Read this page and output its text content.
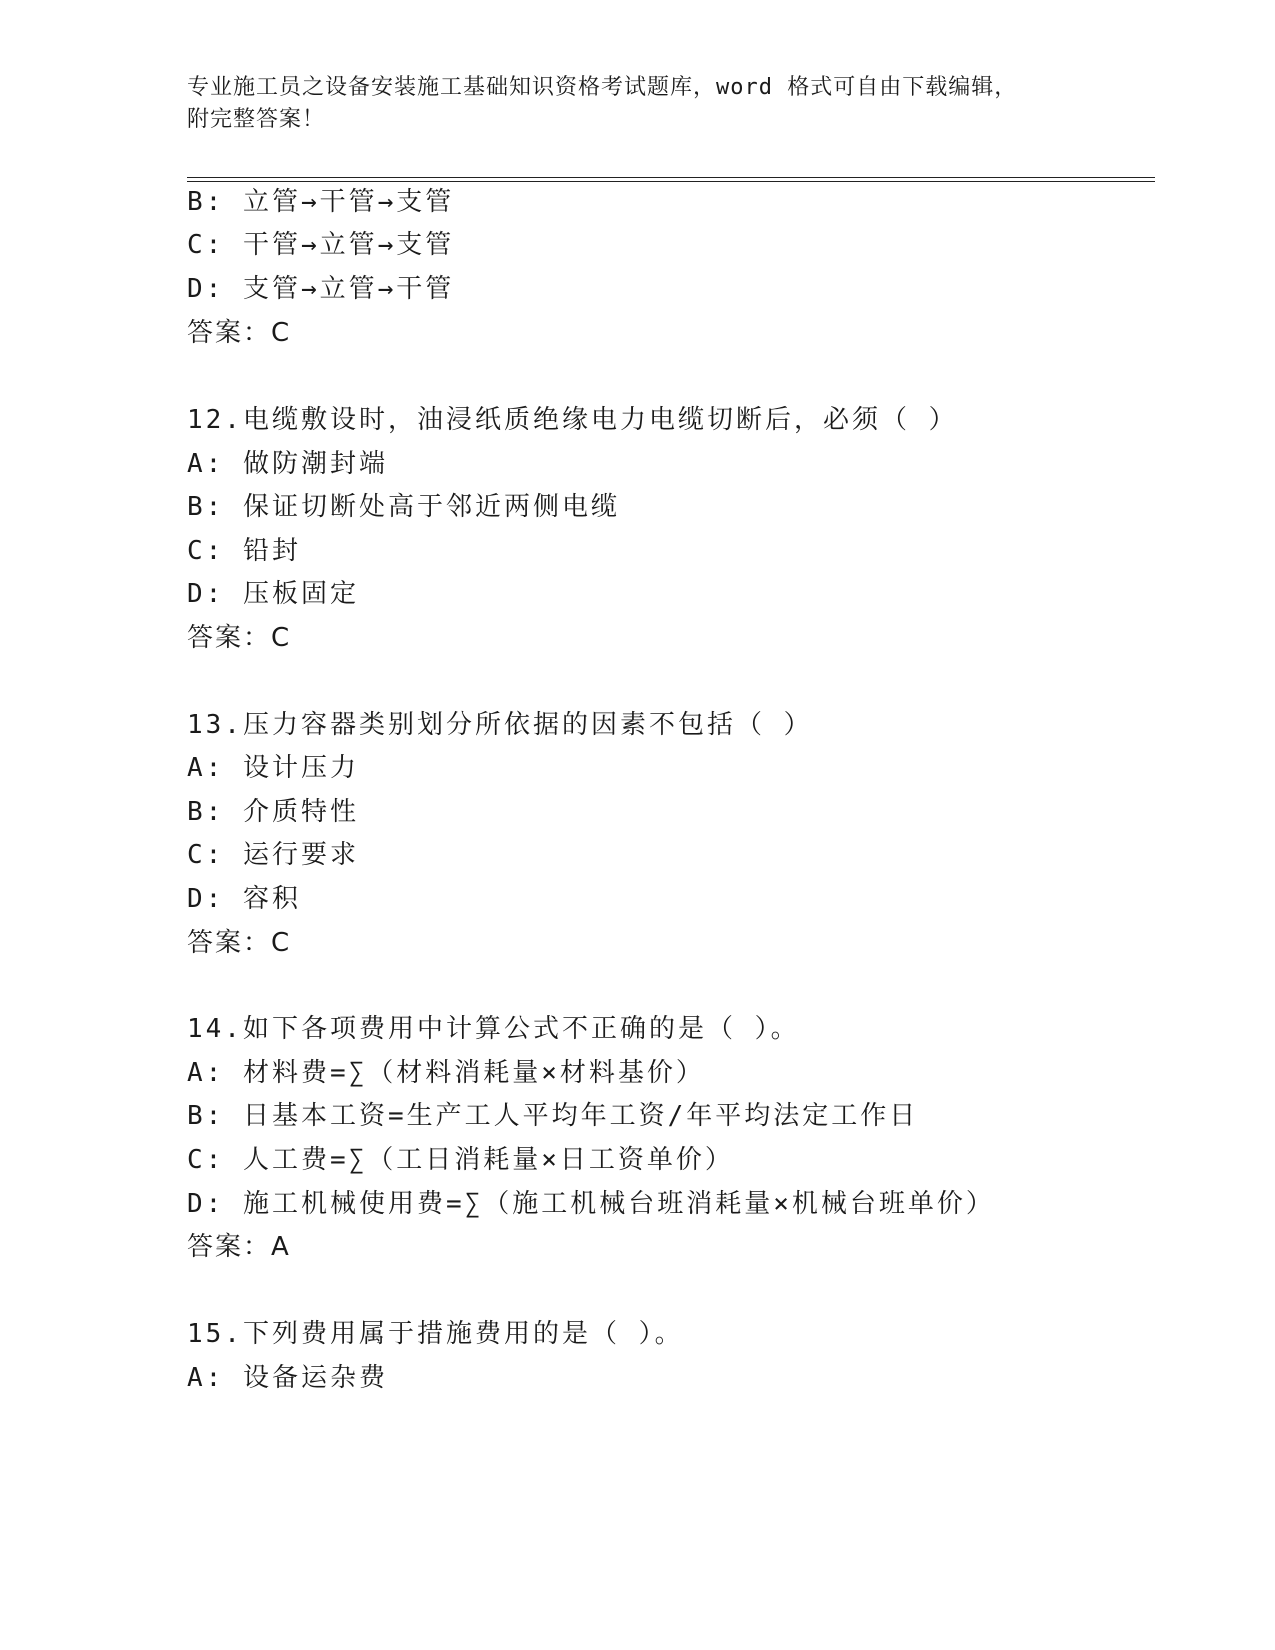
专业施工员之设备安装施工基础知识资格考试题库，word 格式可自由下载编辑，
附完整答案！
B: 立管→干管→支管
C: 干管→立管→支管
D: 支管→立管→干管
答案：C
12.电缆敷设时，油浸纸质绝缘电力电缆切断后，必须（ ）
A: 做防潮封端
B: 保证切断处高于邻近两侧电缆
C: 铅封
D: 压板固定
答案：C
13.压力容器类别划分所依据的因素不包括（ ）
A: 设计压力
B: 介质特性
C: 运行要求
D: 容积
答案：C
14.如下各项费用中计算公式不正确的是（ ）。
A: 材料费=∑（材料消耗量×材料基价）
B: 日基本工资=生产工人平均年工资/年平均法定工作日
C: 人工费=∑（工日消耗量×日工资单价）
D: 施工机械使用费=∑（施工机械台班消耗量×机械台班单价）
答案：A
15.下列费用属于措施费用的是（ ）。
A: 设备运杂费
